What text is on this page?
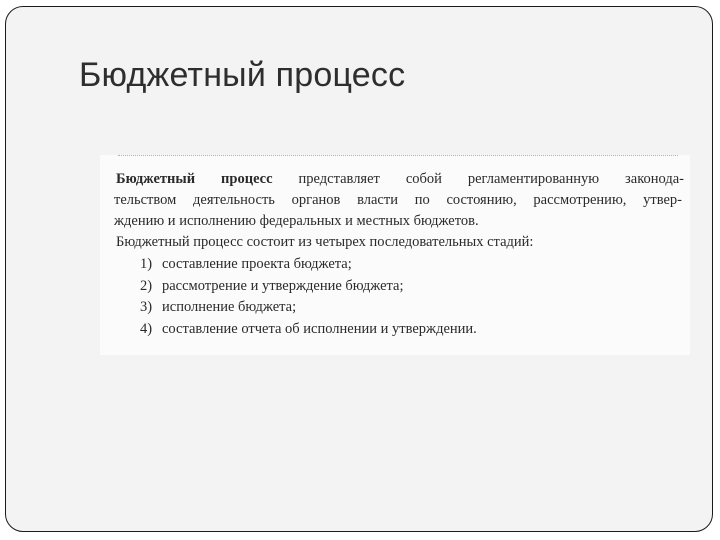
Бюджетный процесс
Бюджетный процесс представляет собой регламентированную законода-
тельством деятельность органов власти по состоянию, рассмотрению, утвер-
ждению и исполнению федеральных и местных бюджетов.
Бюджетный процесс состоит из четырех последовательных стадий:
1) составление проекта бюджета;
2) рассмотрение и утверждение бюджета;
3) исполнение бюджета;
4) составление отчета об исполнении и утверждении.
